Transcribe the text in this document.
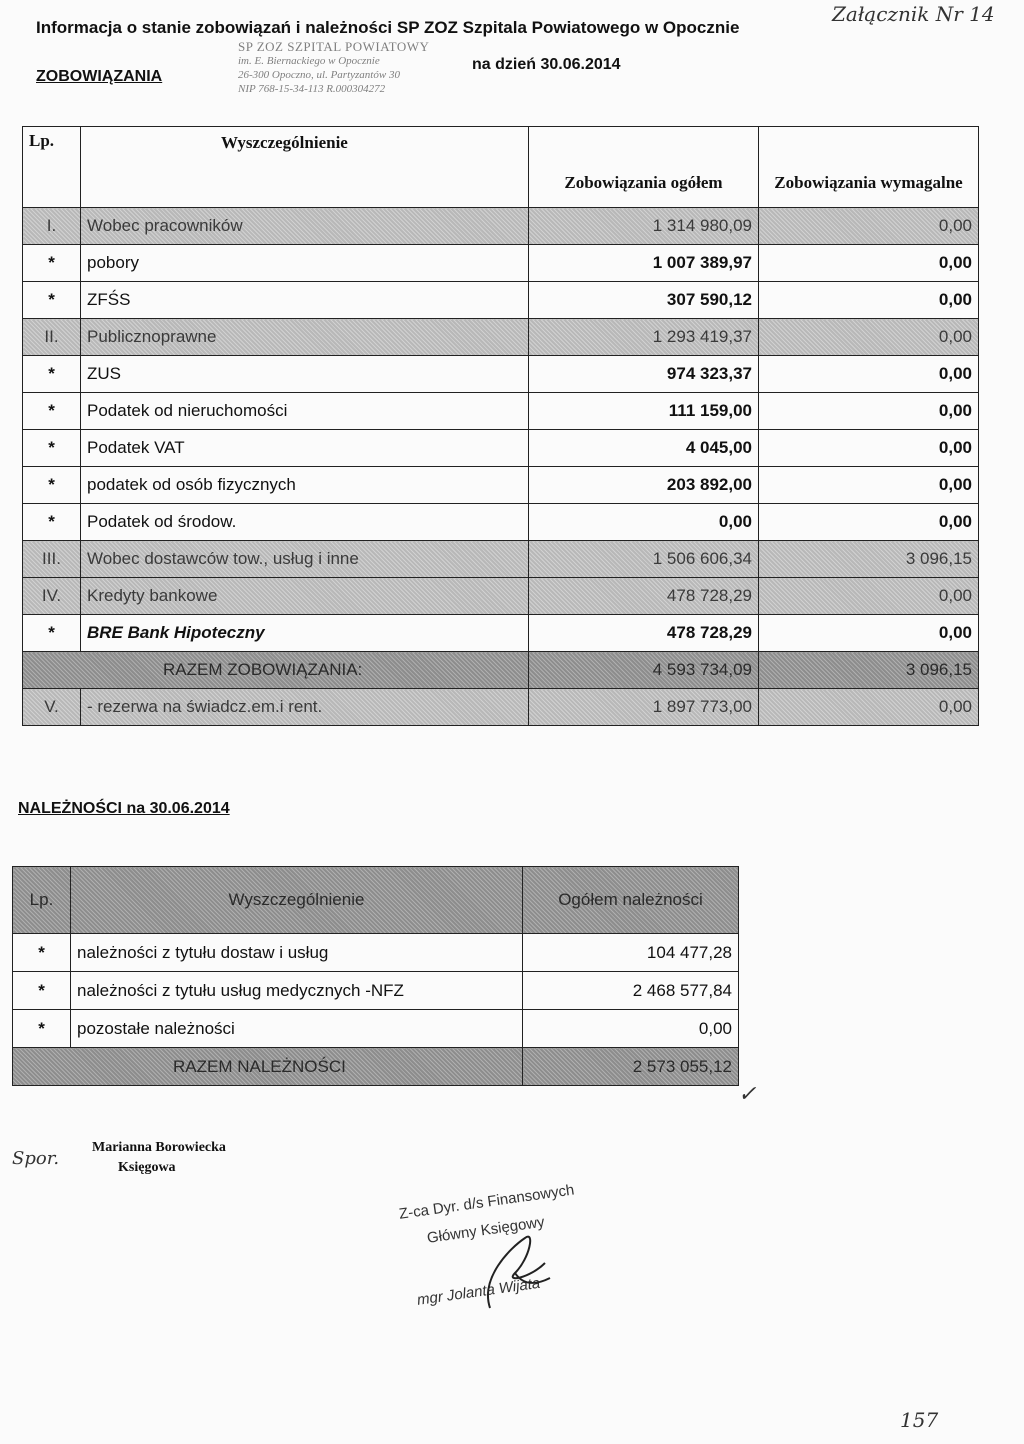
Informacja o stanie zobowiązań i należności SP ZOZ Szpitala Powiatowego w Opocznie
na dzień 30.06.2014
Załącznik Nr 14
SP ZOZ SZPITAL POWIATOWY
im. E. Biernackiego w Opocznie
26-300 Opoczno, ul. Partyzantów 30
NIP 768-15-34-113 R.000304272
ZOBOWIĄZANIA
Lp.	Wyszczególnienie	Zobowiązania ogółem	Zobowiązania wymagalne
I.	Wobec pracowników	1 314 980,09	0,00
*	pobory	1 007 389,97	0,00
*	ZFŚS	307 590,12	0,00
II.	Publicznoprawne	1 293 419,37	0,00
*	ZUS	974 323,37	0,00
*	Podatek od nieruchomości	111 159,00	0,00
*	Podatek VAT	4 045,00	0,00
*	podatek od osób fizycznych	203 892,00	0,00
*	Podatek od środow.	0,00	0,00
III.	Wobec dostawców tow., usług i inne	1 506 606,34	3 096,15
IV.	Kredyty bankowe	478 728,29	0,00
*	BRE Bank Hipoteczny	478 728,29	0,00
RAZEM ZOBOWIĄZANIA:		4 593 734,09	3 096,15
V.	- rezerwa na świadcz.em.i rent.	1 897 773,00	0,00
NALEŻNOŚCI na 30.06.2014
Lp.	Wyszczególnienie	Ogółem należności
*	należności z tytułu dostaw i usług	104 477,28
*	należności z tytułu usług medycznych -NFZ	2 468 577,84
*	pozostałe należności	0,00
RAZEM NALEŻNOŚCI		2 573 055,12
✓
Spor.
Marianna Borowiecka
Księgowa
Z-ca Dyr. d/s Finansowych
Główny Księgowy
mgr Jolanta Wijata
157
